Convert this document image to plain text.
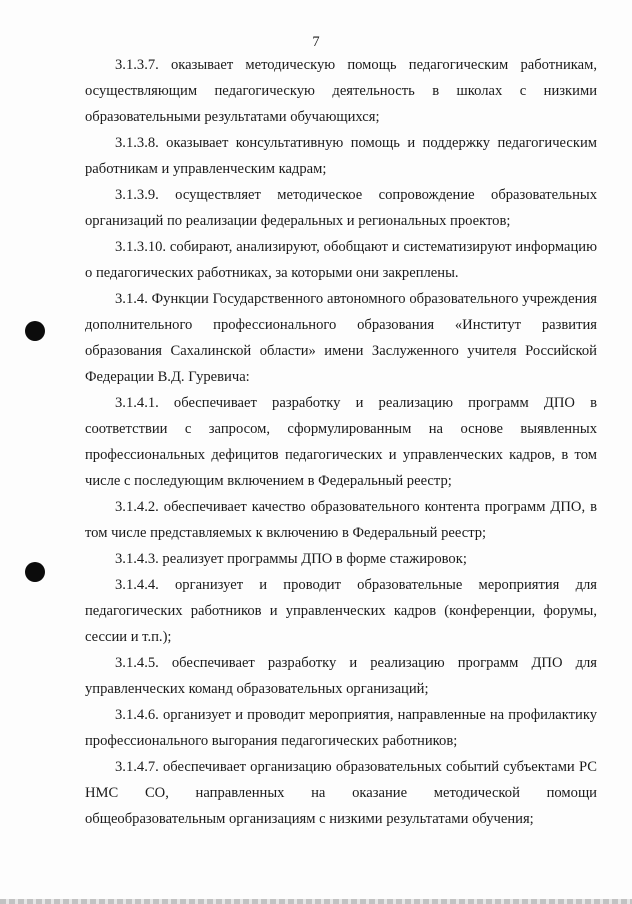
7

3.1.3.7. оказывает методическую помощь педагогическим работникам, осуществляющим педагогическую деятельность в школах с низкими образовательными результатами обучающихся;

3.1.3.8. оказывает консультативную помощь и поддержку педагогическим работникам и управленческим кадрам;

3.1.3.9. осуществляет методическое сопровождение образовательных организаций по реализации федеральных и региональных проектов;

3.1.3.10. собирают, анализируют, обобщают и систематизируют информацию о педагогических работниках, за которыми они закреплены.

3.1.4. Функции Государственного автономного образовательного учреждения дополнительного профессионального образования «Институт развития образования Сахалинской области» имени Заслуженного учителя Российской Федерации В.Д. Гуревича:

3.1.4.1. обеспечивает разработку и реализацию программ ДПО в соответствии с запросом, сформулированным на основе выявленных профессиональных дефицитов педагогических и управленческих кадров, в том числе с последующим включением в Федеральный реестр;

3.1.4.2. обеспечивает качество образовательного контента программ ДПО, в том числе представляемых к включению в Федеральный реестр;

3.1.4.3. реализует программы ДПО в форме стажировок;

3.1.4.4. организует и проводит образовательные мероприятия для педагогических работников и управленческих кадров (конференции, форумы, сессии и т.п.);

3.1.4.5. обеспечивает разработку и реализацию программ ДПО для управленческих команд образовательных организаций;

3.1.4.6. организует и проводит мероприятия, направленные на профилактику профессионального выгорания педагогических работников;

3.1.4.7. обеспечивает организацию образовательных событий субъектами РС НМС СО, направленных на оказание методической помощи общеобразовательным организациям с низкими результатами обучения;
